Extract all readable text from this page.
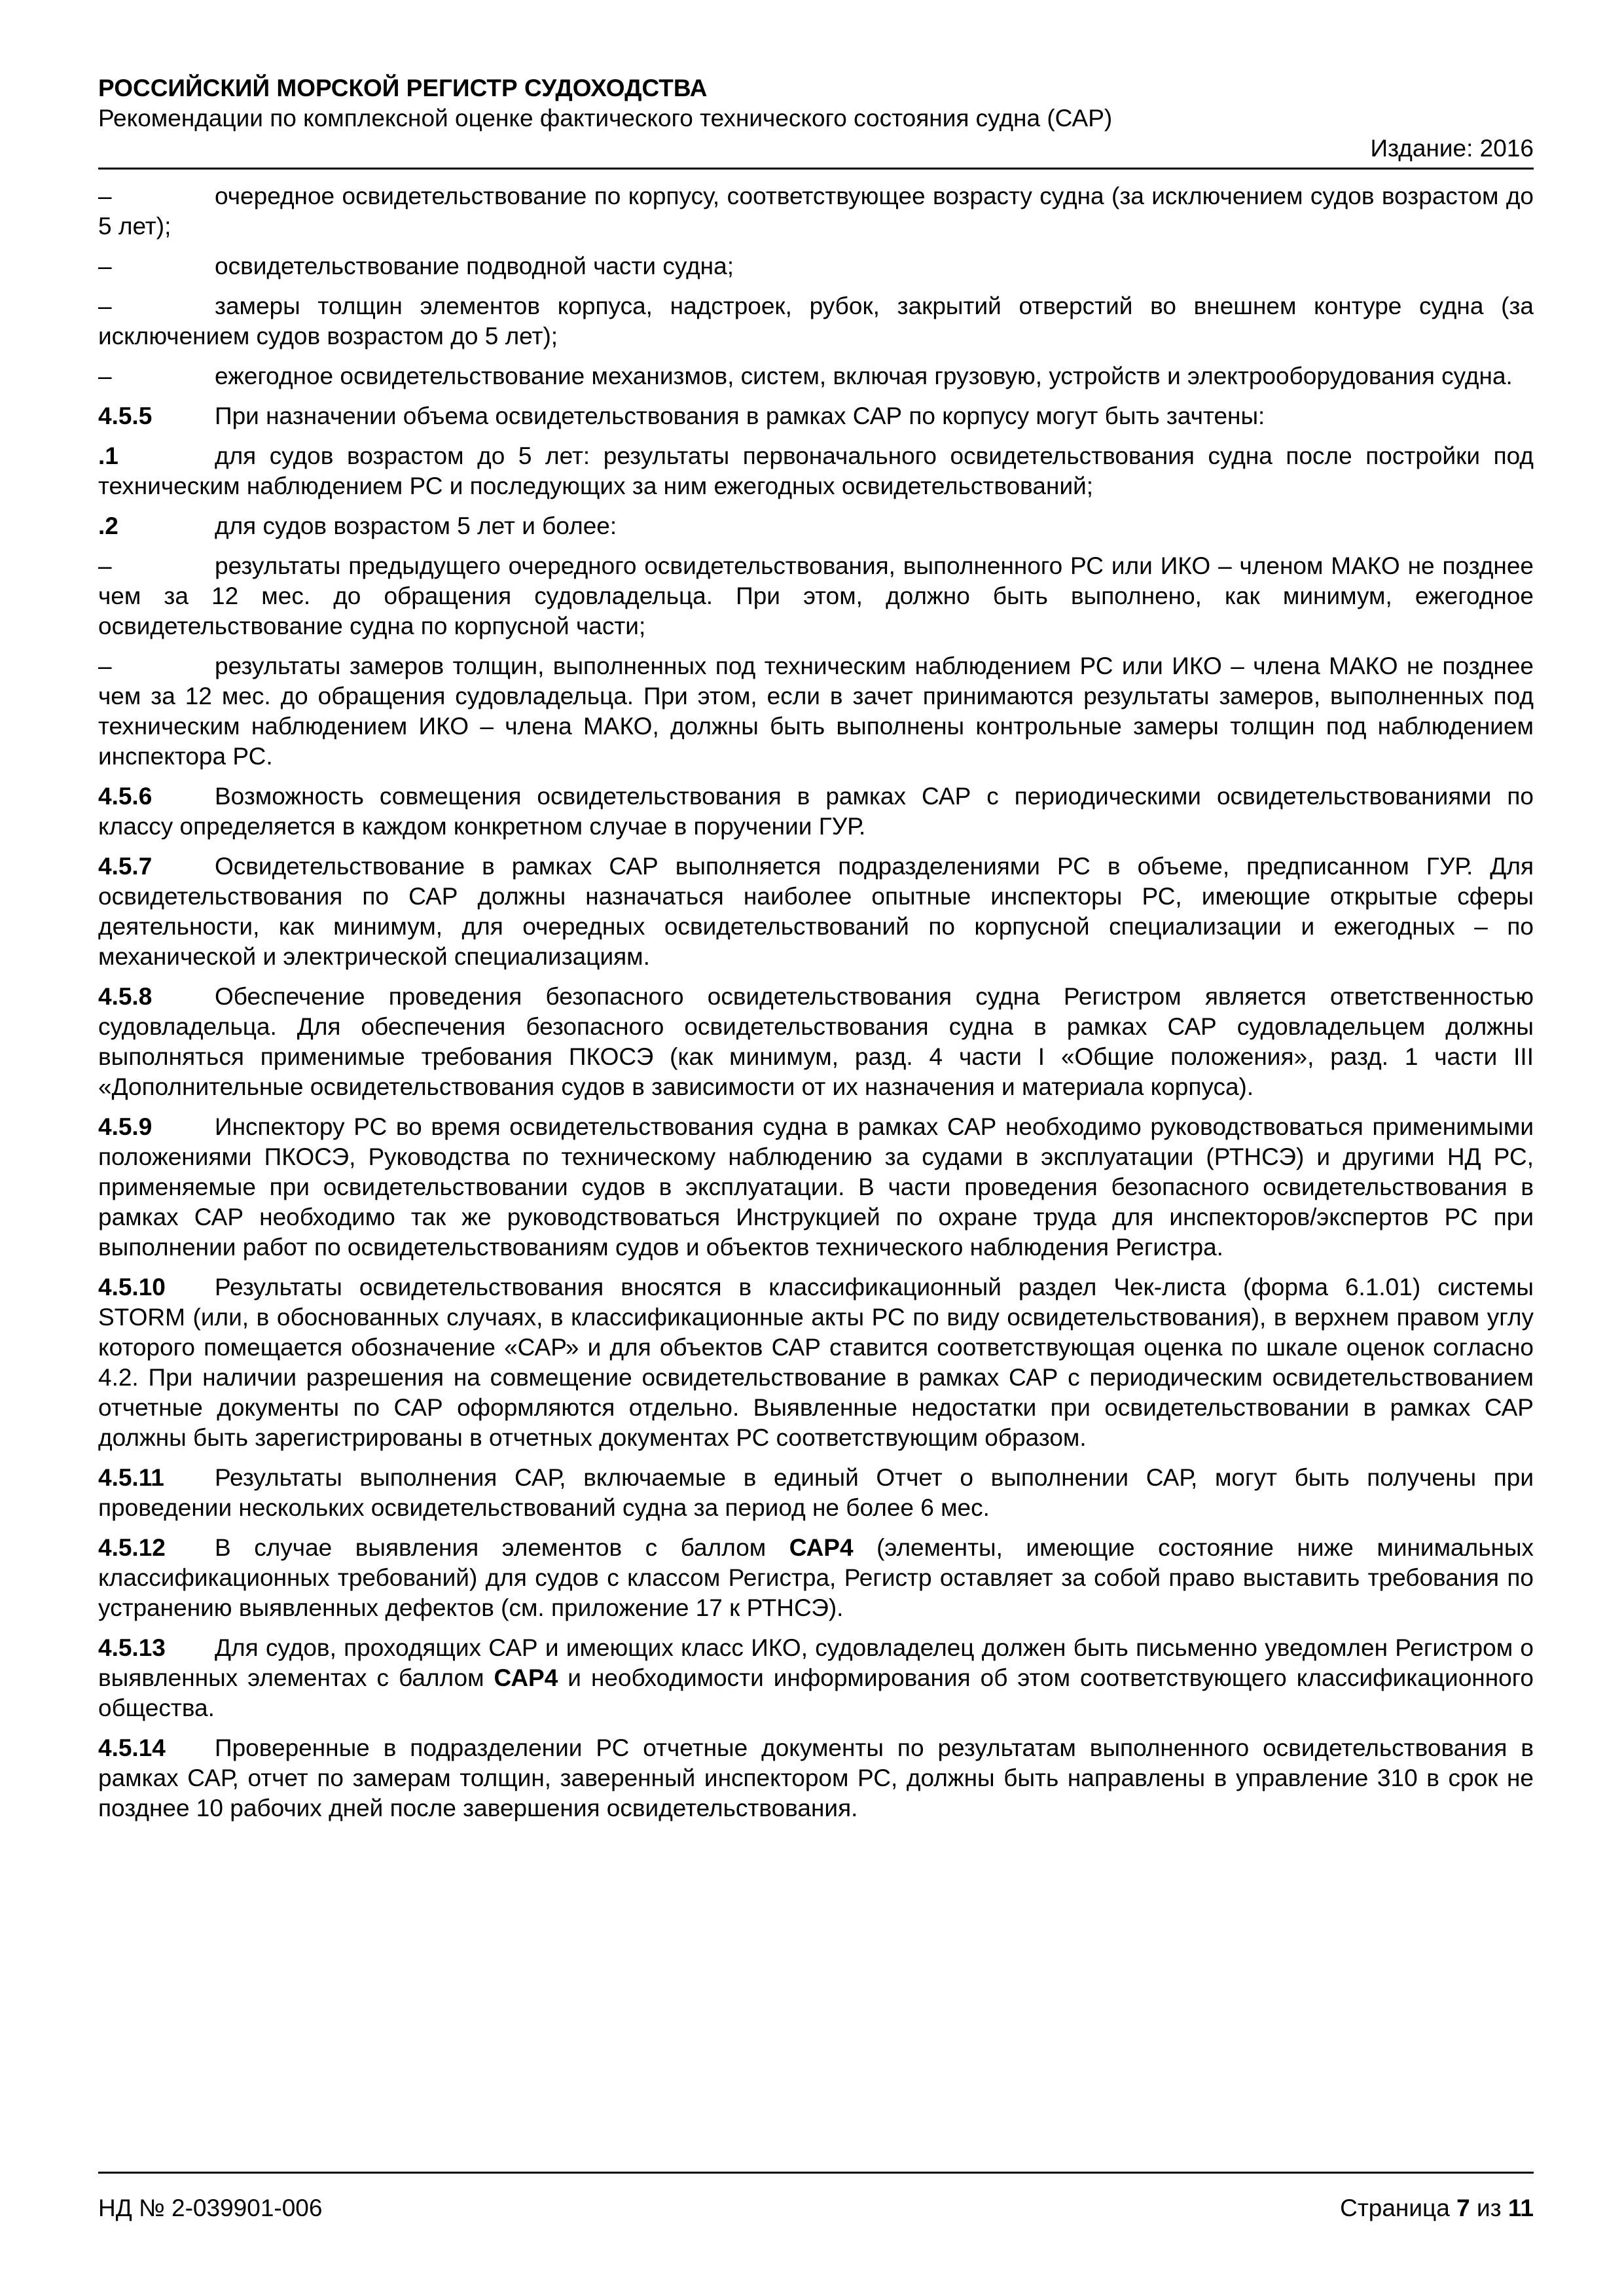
РОССИЙСКИЙ МОРСКОЙ РЕГИСТР СУДОХОДСТВА
Рекомендации по комплексной оценке фактического технического состояния судна (САР)
Издание: 2016

–	очередное освидетельствование по корпусу, соответствующее возрасту судна (за исключением судов возрастом до 5 лет);

–	освидетельствование подводной части судна;

–	замеры толщин элементов корпуса, надстроек, рубок, закрытий отверстий во внешнем контуре судна (за исключением судов возрастом до 5 лет);

–	ежегодное освидетельствование механизмов, систем, включая грузовую, устройств и электрооборудования судна.

4.5.5	При назначении объема освидетельствования в рамках САР по корпусу могут быть зачтены:

.1	для судов возрастом до 5 лет: результаты первоначального освидетельствования судна после постройки под техническим наблюдением РС и последующих за ним ежегодных освидетельствований;

.2	для судов возрастом 5 лет и более:

–	результаты предыдущего очередного освидетельствования, выполненного РС или ИКО – членом МАКО не позднее чем за 12 мес. до обращения судовладельца. При этом, должно быть выполнено, как минимум, ежегодное освидетельствование судна по корпусной части;

–	результаты замеров толщин, выполненных под техническим наблюдением РС или ИКО – члена МАКО не позднее чем за 12 мес. до обращения судовладельца. При этом, если в зачет принимаются результаты замеров, выполненных под техническим наблюдением ИКО – члена МАКО, должны быть выполнены контрольные замеры толщин под наблюдением инспектора РС.

4.5.6	Возможность совмещения освидетельствования в рамках САР с периодическими освидетельствованиями по классу определяется в каждом конкретном случае в поручении ГУР.

4.5.7	Освидетельствование в рамках САР выполняется подразделениями РС в объеме, предписанном ГУР. Для освидетельствования по САР должны назначаться наиболее опытные инспекторы РС, имеющие открытые сферы деятельности, как минимум, для очередных освидетельствований по корпусной специализации и ежегодных – по механической и электрической специализациям.

4.5.8	Обеспечение проведения безопасного освидетельствования судна Регистром является ответственностью судовладельца. Для обеспечения безопасного освидетельствования судна в рамках САР судовладельцем должны выполняться применимые требования ПКОСЭ (как минимум, разд. 4 части I «Общие положения», разд. 1 части III «Дополнительные освидетельствования судов в зависимости от их назначения и материала корпуса).

4.5.9	Инспектору РС во время освидетельствования судна в рамках САР необходимо руководствоваться применимыми положениями ПКОСЭ, Руководства по техническому наблюдению за судами в эксплуатации (РТНСЭ) и другими НД РС, применяемые при освидетельствовании судов в эксплуатации. В части проведения безопасного освидетельствования в рамках САР необходимо так же руководствоваться Инструкцией по охране труда для инспекторов/экспертов РС при выполнении работ по освидетельствованиям судов и объектов технического наблюдения Регистра.

4.5.10 Результаты освидетельствования вносятся в классификационный раздел Чек-листа (форма 6.1.01) системы STORM (или, в обоснованных случаях, в классификационные акты РС по виду освидетельствования), в верхнем правом углу которого помещается обозначение «САР» и для объектов САР ставится соответствующая оценка по шкале оценок согласно 4.2. При наличии разрешения на совмещение освидетельствование в рамках САР с периодическим освидетельствованием отчетные документы по САР оформляются отдельно. Выявленные недостатки при освидетельствовании в рамках САР должны быть зарегистрированы в отчетных документах РС соответствующим образом.

4.5.11 Результаты выполнения САР, включаемые в единый Отчет о выполнении САР, могут быть получены при проведении нескольких освидетельствований судна за период не более 6 мес.

4.5.12 В случае выявления элементов с баллом САР4 (элементы, имеющие состояние ниже минимальных классификационных требований) для судов с классом Регистра, Регистр оставляет за собой право выставить требования по устранению выявленных дефектов (см. приложение 17 к РТНСЭ).

4.5.13 Для судов, проходящих САР и имеющих класс ИКО, судовладелец должен быть письменно уведомлен Регистром о выявленных элементах с баллом САР4 и необходимости информирования об этом соответствующего классификационного общества.

4.5.14 Проверенные в подразделении РС отчетные документы по результатам выполненного освидетельствования в рамках САР, отчет по замерам толщин, заверенный инспектором РС, должны быть направлены в управление 310 в срок не позднее 10 рабочих дней после завершения освидетельствования.

НД № 2-039901-006	Страница 7 из 11
